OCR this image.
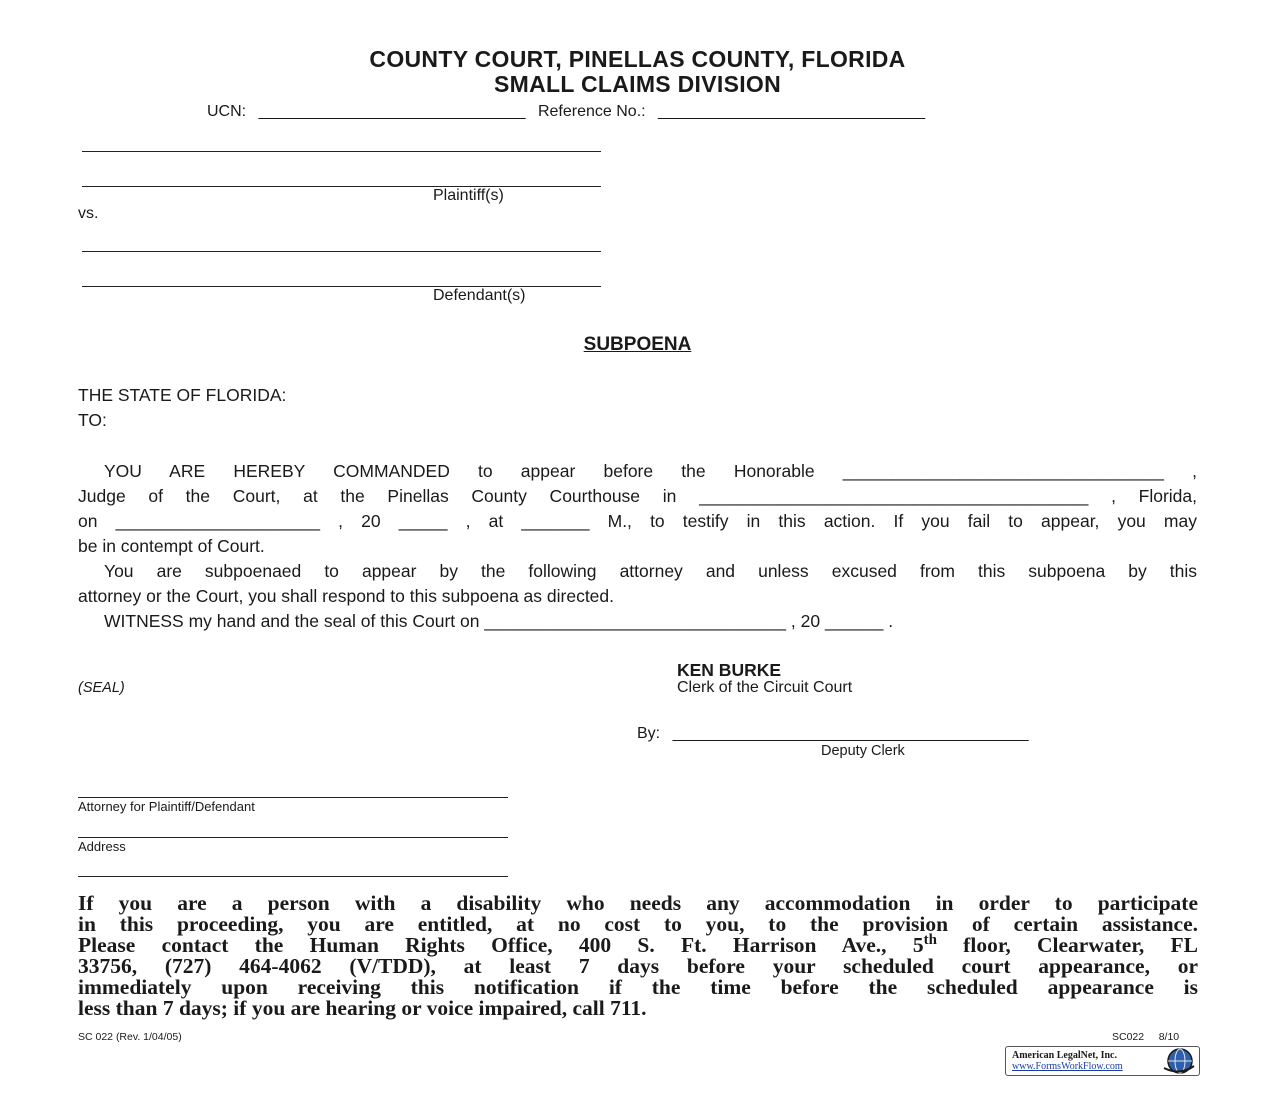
COUNTY COURT, PINELLAS COUNTY, FLORIDA
SMALL CLAIMS DIVISION
UCN: ______________________________ Reference No.: ______________________________
Plaintiff(s)
vs.
Defendant(s)
SUBPOENA
THE STATE OF FLORIDA:
TO:
YOU ARE HEREBY COMMANDED to appear before the Honorable _________________________________ ,
Judge of the Court, at the Pinellas County Courthouse in ________________________________________ , Florida,
on _____________________ , 20 _____ , at _______ M., to testify in this action. If you fail to appear, you may
be in contempt of Court.
You are subpoenaed to appear by the following attorney and unless excused from this subpoena by this
attorney or the Court, you shall respond to this subpoena as directed.
WITNESS my hand and the seal of this Court on _______________________________ , 20 ______ .
KEN BURKE
Clerk of the Circuit Court
(SEAL)
By: ________________________________________
Deputy Clerk
Attorney for Plaintiff/Defendant
Address
If you are a person with a disability who needs any accommodation in order to participate
in this proceeding, you are entitled, at no cost to you, to the provision of certain assistance.
Please contact the Human Rights Office, 400 S. Ft. Harrison Ave., 5th floor, Clearwater, FL
33756, (727) 464-4062 (V/TDD), at least 7 days before your scheduled court appearance, or
immediately upon receiving this notification if the time before the scheduled appearance is
less than 7 days; if you are hearing or voice impaired, call 711.
SC 022 (Rev. 1/04/05)	SC022     8/10
American LegalNet, Inc.
www.FormsWorkFlow.com
